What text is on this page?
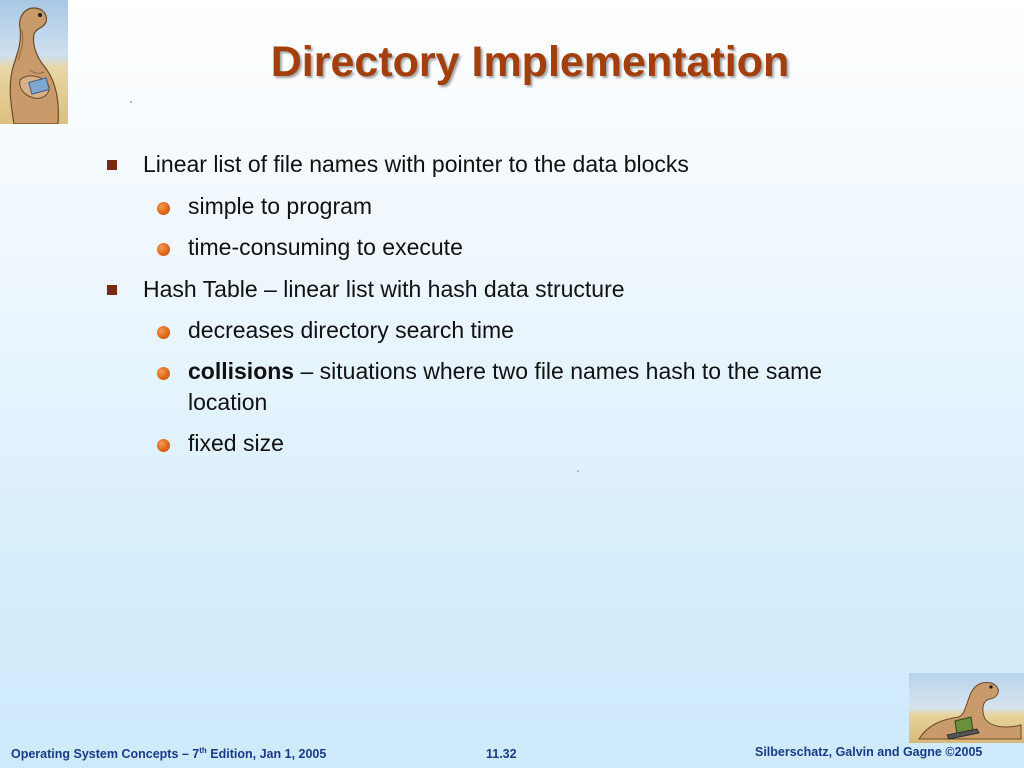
Directory Implementation
Linear list of file names with pointer to the data blocks
simple to program
time-consuming to execute
Hash Table – linear list with hash data structure
decreases directory search time
collisions – situations where two file names hash to the same
location
fixed size
Operating System Concepts – 7th Edition, Jan 1, 2005	11.32	Silberschatz, Galvin and Gagne ©2005
